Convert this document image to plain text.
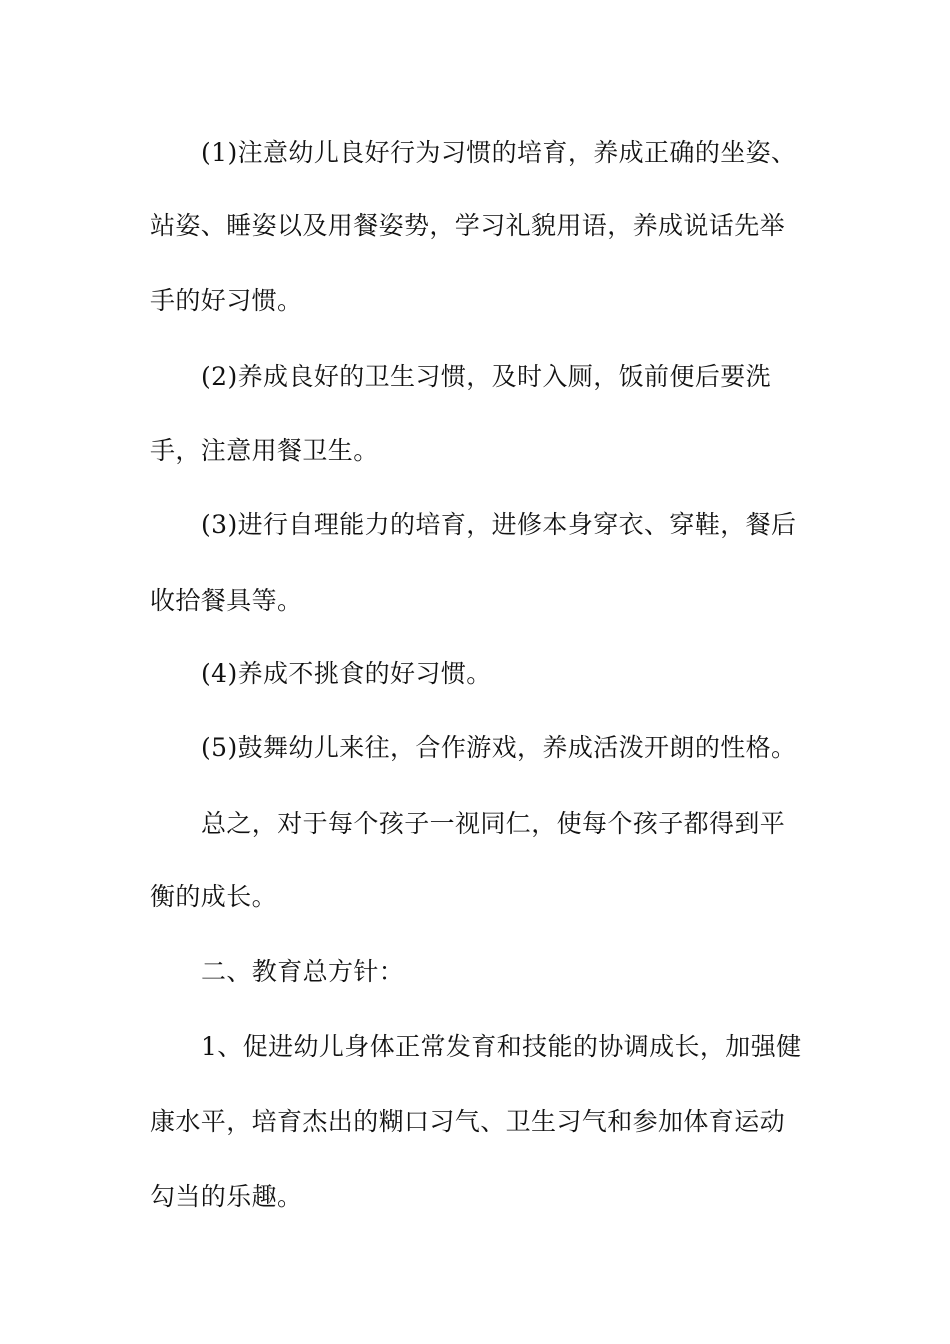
(1)注意幼儿良好行为习惯的培育，养成正确的坐姿、
站姿、睡姿以及用餐姿势，学习礼貌用语，养成说话先举
手的好习惯。
(2)养成良好的卫生习惯，及时入厕，饭前便后要洗
手，注意用餐卫生。
(3)进行自理能力的培育，进修本身穿衣、穿鞋，餐后
收拾餐具等。
(4)养成不挑食的好习惯。
(5)鼓舞幼儿来往，合作游戏，养成活泼开朗的性格。
总之，对于每个孩子一视同仁，使每个孩子都得到平
衡的成长。
二、教育总方针：
1、促进幼儿身体正常发育和技能的协调成长，加强健
康水平，培育杰出的糊口习气、卫生习气和参加体育运动
勾当的乐趣。
